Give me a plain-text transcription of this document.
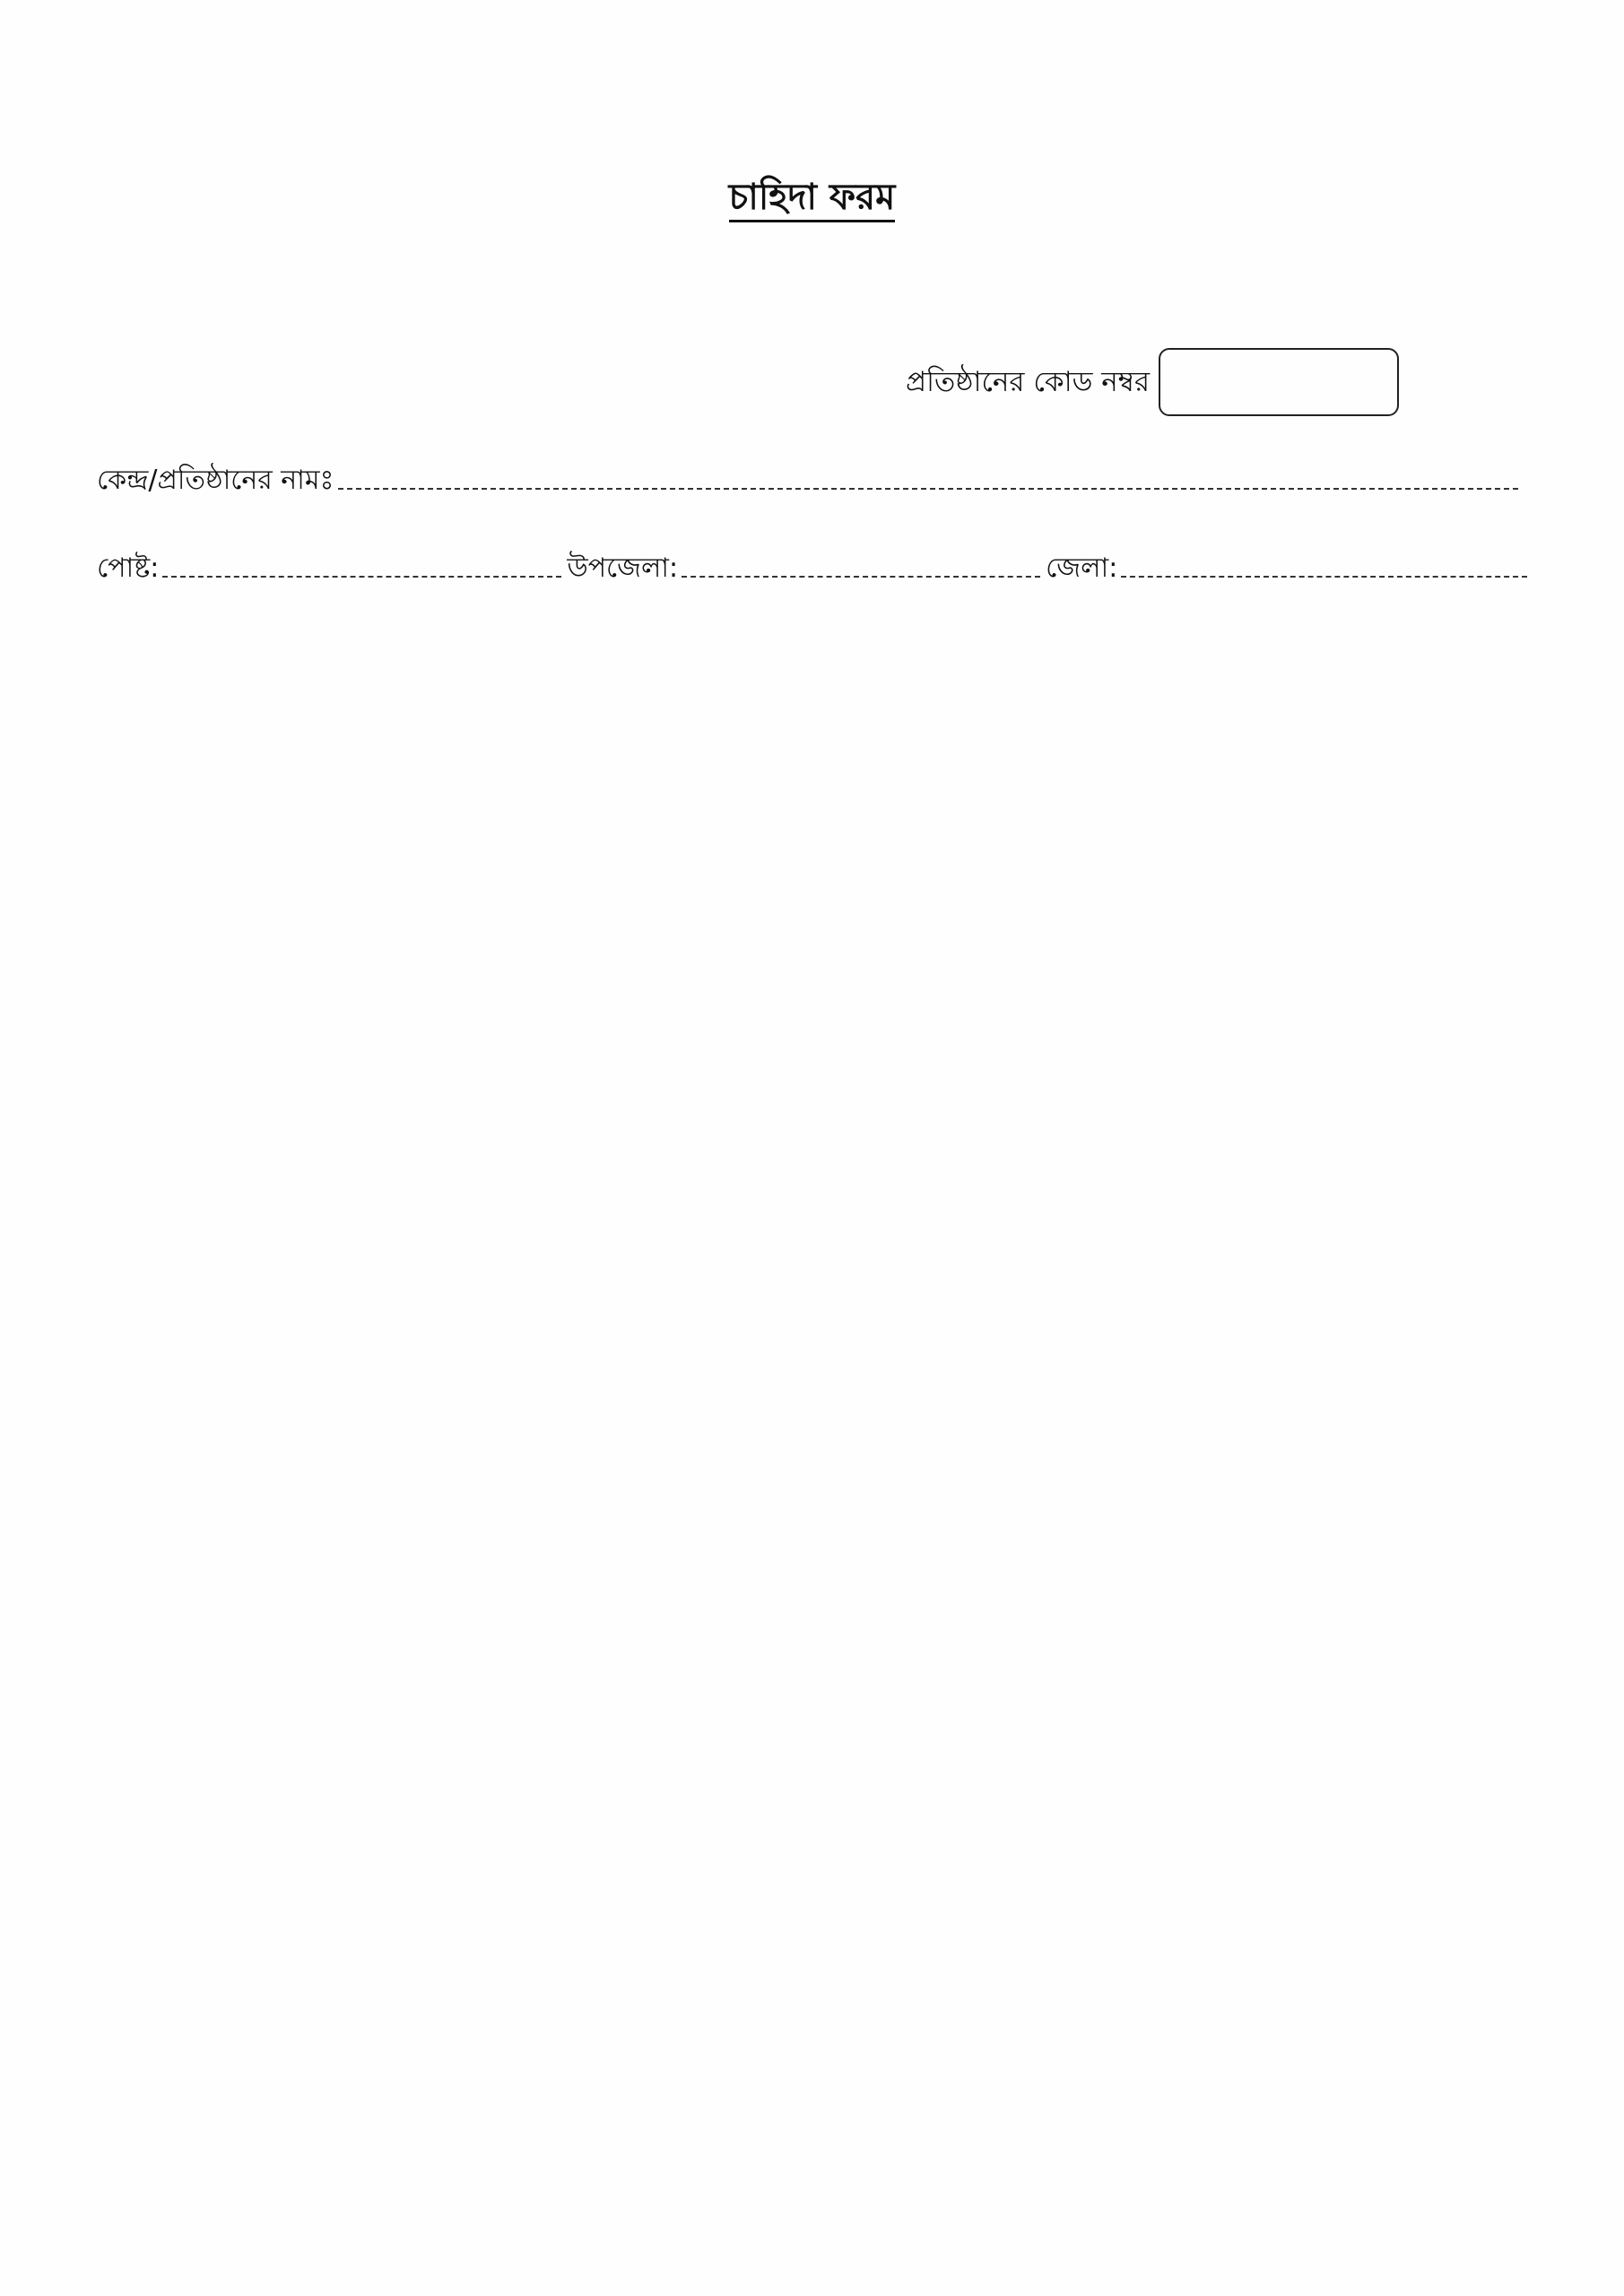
চাহিদা ফরম
প্রতিষ্ঠানের কোড নম্বর
কেন্দ্র/প্রতিষ্ঠানের নামঃ
পোষ্ট:	উপজেলা:	জেলা:
